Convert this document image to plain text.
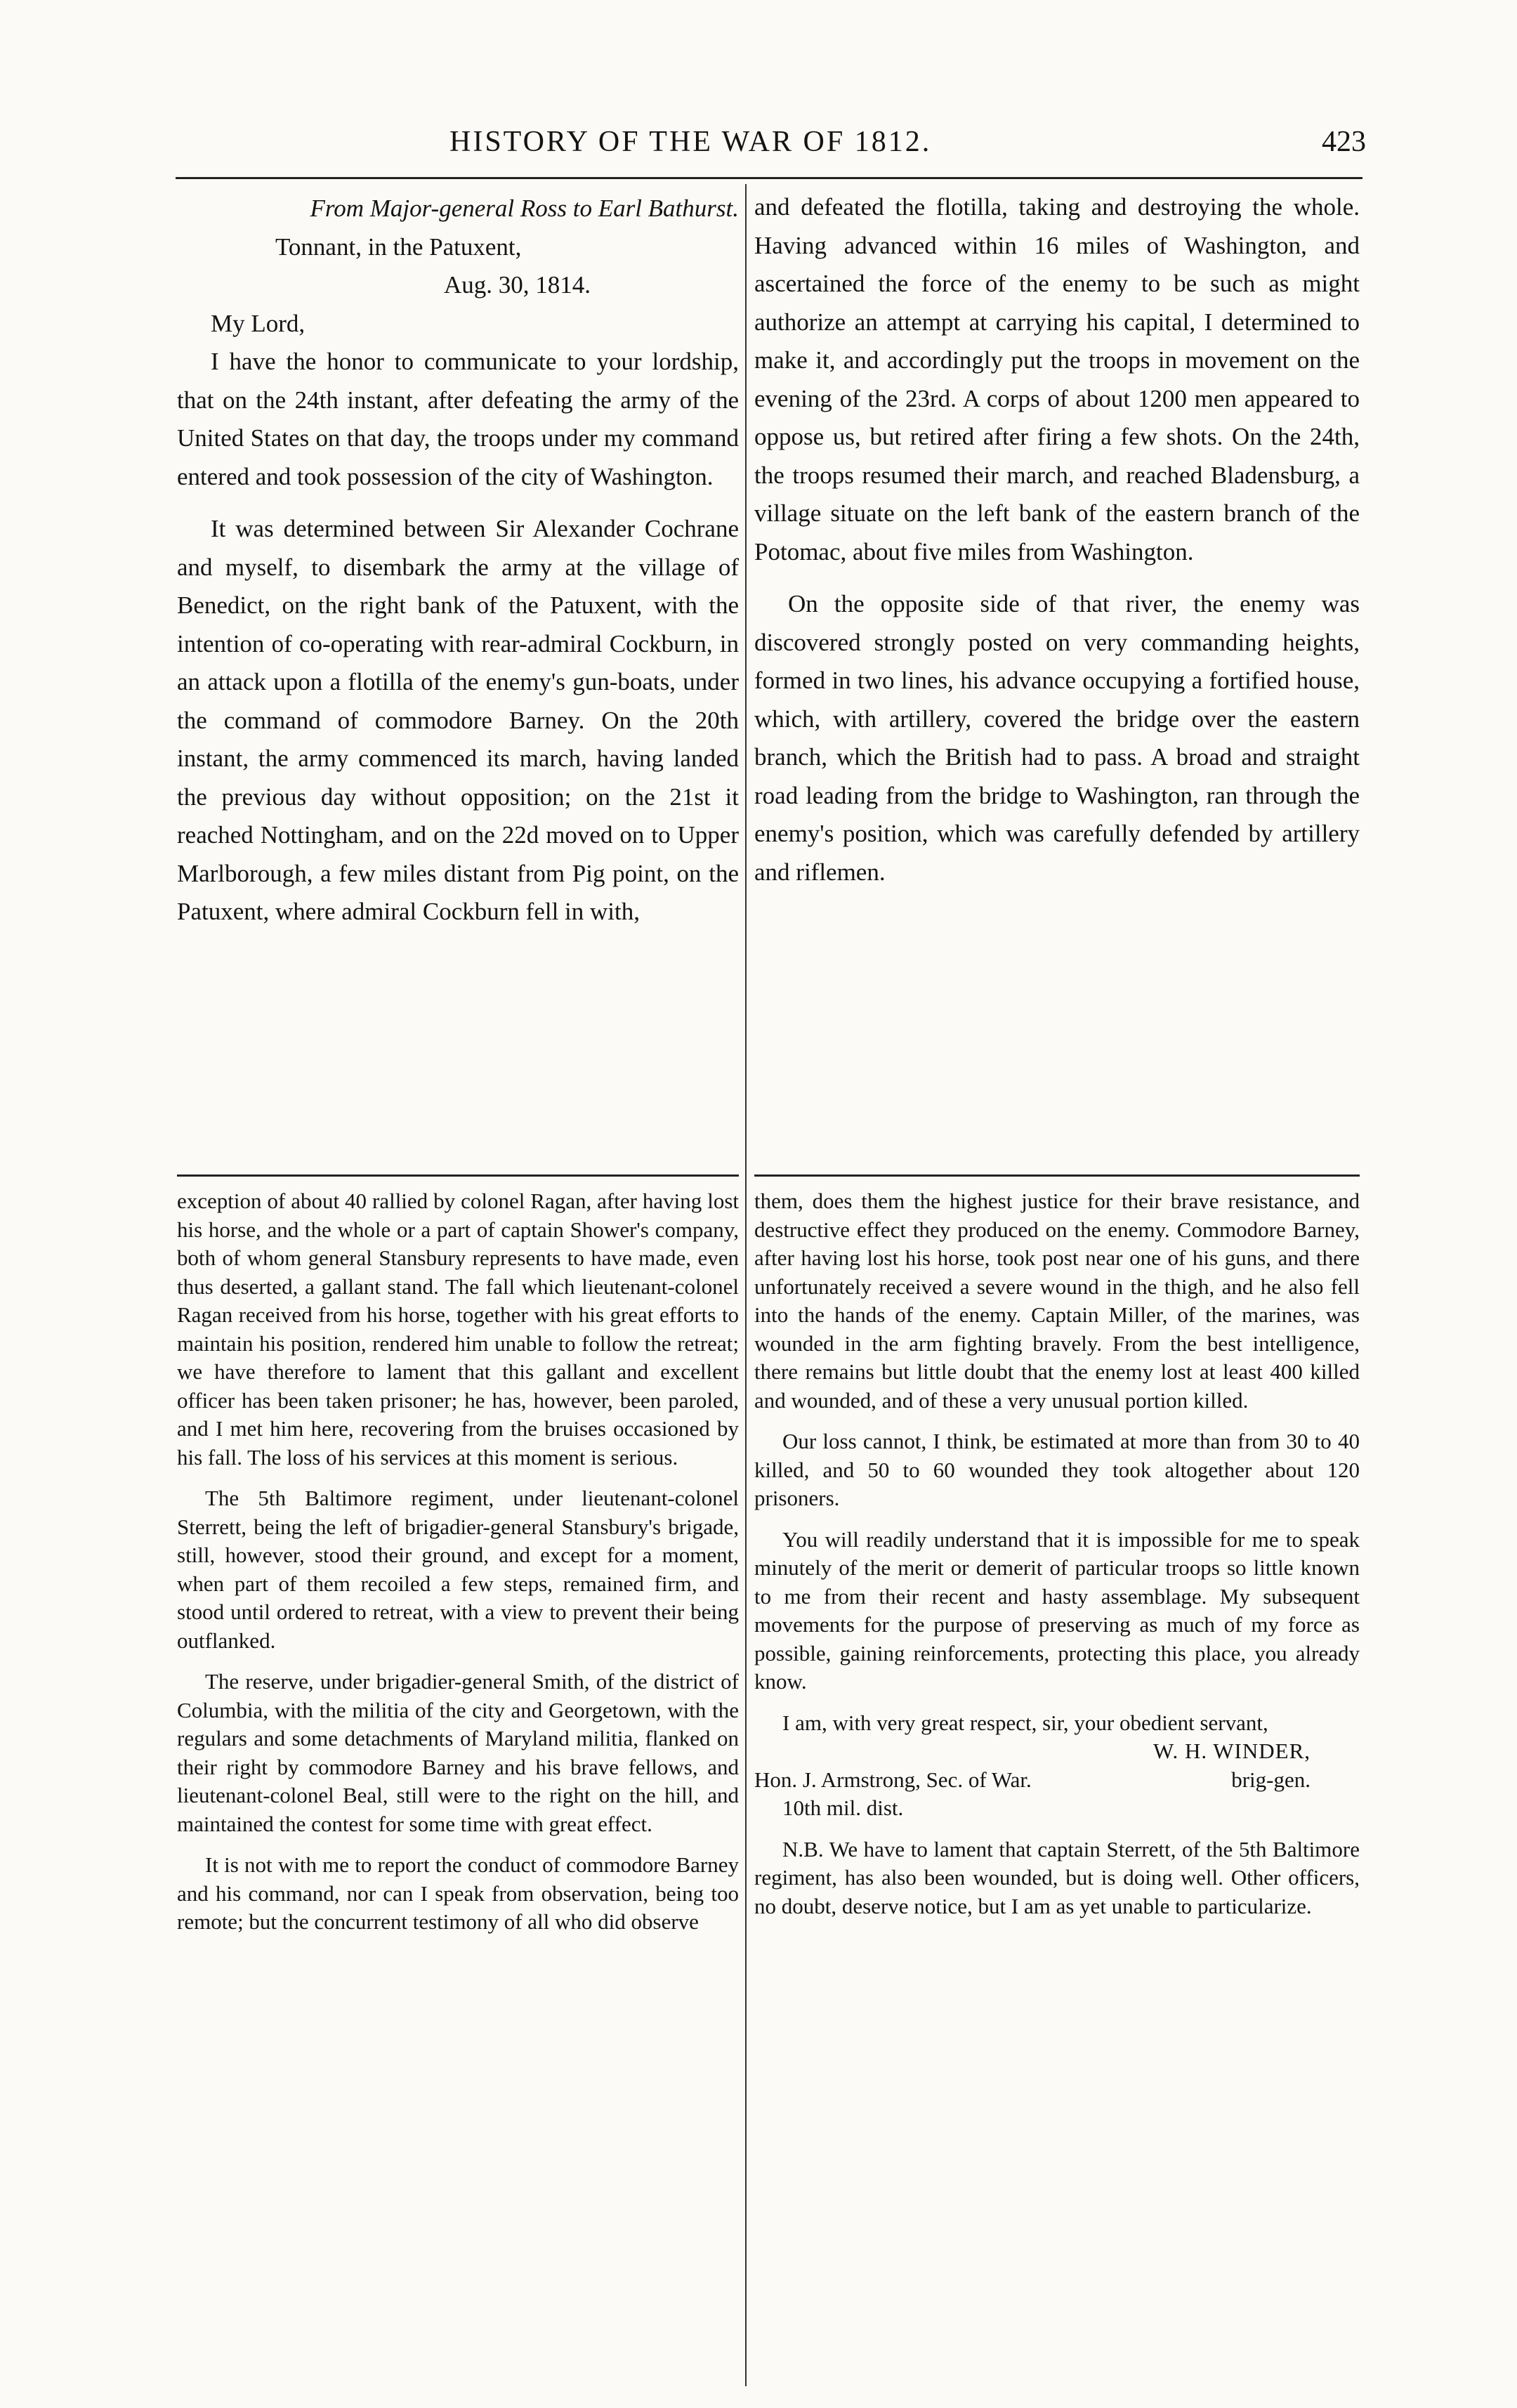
HISTORY OF THE WAR OF 1812.	423
From Major-general Ross to Earl Bathurst.
Tonnant, in the Patuxent,
Aug. 30, 1814.
My Lord,

I have the honor to communicate to your lordship, that on the 24th instant, after defeating the army of the United States on that day, the troops under my command entered and took possession of the city of Washington.

It was determined between Sir Alexander Cochrane and myself, to disembark the army at the village of Benedict, on the right bank of the Patuxent, with the intention of co-operating with rear-admiral Cockburn, in an attack upon a flotilla of the enemy's gun-boats, under the command of commodore Barney. On the 20th instant, the army commenced its march, having landed the previous day without opposition; on the 21st it reached Nottingham, and on the 22d moved on to Upper Marlborough, a few miles distant from Pig point, on the Patuxent, where admiral Cockburn fell in with,

and defeated the flotilla, taking and destroying the whole. Having advanced within 16 miles of Washington, and ascertained the force of the enemy to be such as might authorize an attempt at carrying his capital, I determined to make it, and accordingly put the troops in movement on the evening of the 23rd. A corps of about 1200 men appeared to oppose us, but retired after firing a few shots. On the 24th, the troops resumed their march, and reached Bladensburg, a village situate on the left bank of the eastern branch of the Potomac, about five miles from Washington.

On the opposite side of that river, the enemy was discovered strongly posted on very commanding heights, formed in two lines, his advance occupying a fortified house, which, with artillery, covered the bridge over the eastern branch, which the British had to pass. A broad and straight road leading from the bridge to Washington, ran through the enemy's position, which was carefully defended by artillery and riflemen.

exception of about 40 rallied by colonel Ragan, after having lost his horse, and the whole or a part of captain Shower's company, both of whom general Stansbury represents to have made, even thus deserted, a gallant stand. The fall which lieutenant-colonel Ragan received from his horse, together with his great efforts to maintain his position, rendered him unable to follow the retreat; we have therefore to lament that this gallant and excellent officer has been taken prisoner; he has, however, been paroled, and I met him here, recovering from the bruises occasioned by his fall. The loss of his services at this moment is serious.

The 5th Baltimore regiment, under lieutenant-colonel Sterrett, being the left of brigadier-general Stansbury's brigade, still, however, stood their ground, and except for a moment, when part of them recoiled a few steps, remained firm, and stood until ordered to retreat, with a view to prevent their being outflanked.

The reserve, under brigadier-general Smith, of the district of Columbia, with the militia of the city and Georgetown, with the regulars and some detachments of Maryland militia, flanked on their right by commodore Barney and his brave fellows, and lieutenant-colonel Beal, still were to the right on the hill, and maintained the contest for some time with great effect.

It is not with me to report the conduct of commodore Barney and his command, nor can I speak from observation, being too remote; but the concurrent testimony of all who did observe

them, does them the highest justice for their brave resistance, and destructive effect they produced on the enemy. Commodore Barney, after having lost his horse, took post near one of his guns, and there unfortunately received a severe wound in the thigh, and he also fell into the hands of the enemy. Captain Miller, of the marines, was wounded in the arm fighting bravely. From the best intelligence, there remains but little doubt that the enemy lost at least 400 killed and wounded, and of these a very unusual portion killed.

Our loss cannot, I think, be estimated at more than from 30 to 40 killed, and 50 to 60 wounded they took altogether about 120 prisoners.

You will readily understand that it is impossible for me to speak minutely of the merit or demerit of particular troops so little known to me from their recent and hasty assemblage. My subsequent movements for the purpose of preserving as much of my force as possible, gaining reinforcements, protecting this place, you already know.

I am, with very great respect, sir, your obedient servant,

W. H. WINDER,
Hon. J. Armstrong, Sec. of War.	brig-gen.
10th mil. dist.

N.B. We have to lament that captain Sterrett, of the 5th Baltimore regiment, has also been wounded, but is doing well. Other officers, no doubt, deserve notice, but I am as yet unable to particularize.
